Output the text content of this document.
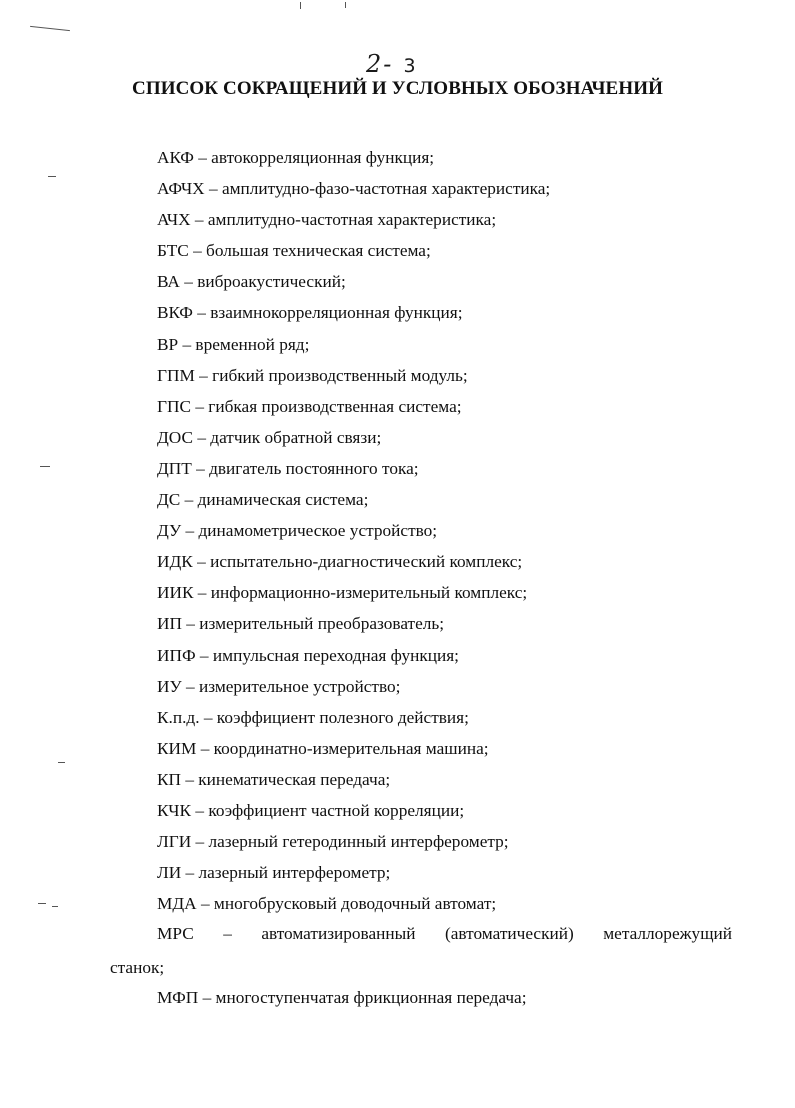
2- 3
СПИСОК СОКРАЩЕНИЙ И УСЛОВНЫХ ОБОЗНАЧЕНИЙ
АКФ – автокорреляционная функция;
АФЧХ – амплитудно-фазо-частотная характеристика;
АЧХ – амплитудно-частотная характеристика;
БТС – большая техническая система;
ВА – виброакустический;
ВКФ – взаимнокорреляционная функция;
ВР – временной ряд;
ГПМ – гибкий производственный модуль;
ГПС – гибкая производственная система;
ДОС – датчик обратной связи;
ДПТ – двигатель постоянного тока;
ДС – динамическая система;
ДУ – динамометрическое устройство;
ИДК – испытательно-диагностический комплекс;
ИИК – информационно-измерительный комплекс;
ИП – измерительный преобразователь;
ИПФ – импульсная переходная функция;
ИУ – измерительное устройство;
К.п.д. – коэффициент полезного действия;
КИМ – координатно-измерительная машина;
КП – кинематическая передача;
КЧК – коэффициент частной корреляции;
ЛГИ – лазерный гетеродинный интерферометр;
ЛИ – лазерный интерферометр;
МДА – многобрусковый доводочный автомат;
МРС – автоматизированный (автоматический) металлорежущий
станок;
МФП – многоступенчатая фрикционная передача;
